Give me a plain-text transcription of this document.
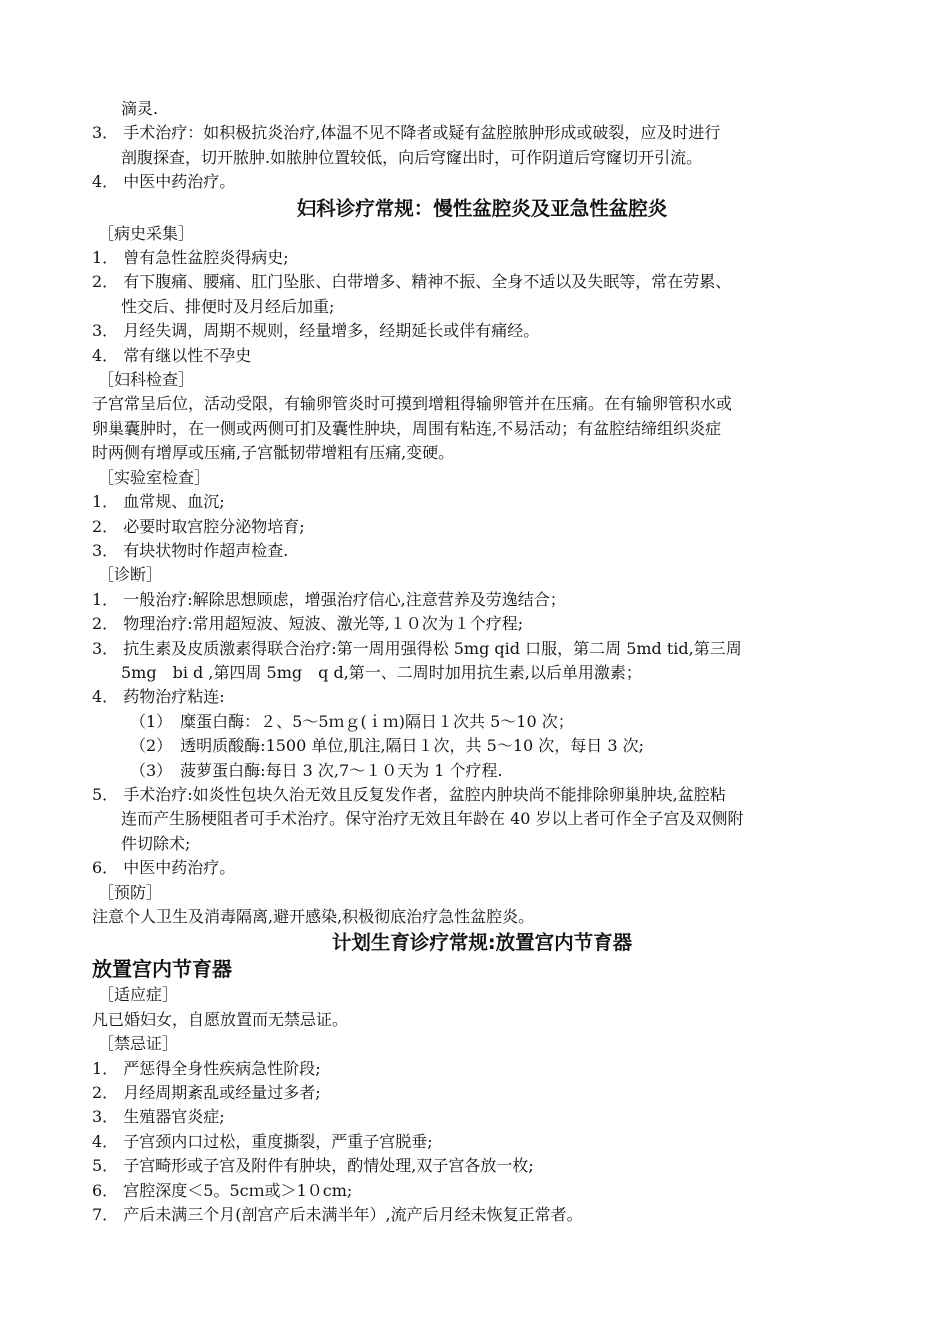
滴灵.
3． 手术治疗：如积极抗炎治疗,体温不见不降者或疑有盆腔脓肿形成或破裂，应及时进行
剖腹探查，切开脓肿.如脓肿位置较低，向后穹窿出时，可作阴道后穹窿切开引流。
4． 中医中药治疗。
妇科诊疗常规：慢性盆腔炎及亚急性盆腔炎
［病史采集］
1． 曾有急性盆腔炎得病史;
2． 有下腹痛、腰痛、肛门坠胀、白带增多、精神不振、全身不适以及失眠等，常在劳累、
性交后、排便时及月经后加重;
3． 月经失调，周期不规则，经量增多，经期延长或伴有痛经。
4． 常有继以性不孕史
［妇科检查］
子宫常呈后位，活动受限，有输卵管炎时可摸到增粗得输卵管并在压痛。在有输卵管积水或
卵巢囊肿时，在一侧或两侧可扪及囊性肿块，周围有粘连,不易活动；有盆腔结缔组织炎症
时两侧有增厚或压痛,子宫骶韧带增粗有压痛,变硬。
［实验室检查］
1． 血常规、血沉;
2． 必要时取宫腔分泌物培育;
3． 有块状物时作超声检查.
［诊断］
1． 一般治疗:解除思想顾虑，增强治疗信心,注意营养及劳逸结合；
2． 物理治疗:常用超短波、短波、激光等,１０次为１个疗程;
3． 抗生素及皮质激素得联合治疗:第一周用强得松 5mg qid 口服，第二周 5md tid,第三周
5mg　bi d ,第四周 5mg　q d,第一、二周时加用抗生素,以后单用激素；
4． 药物治疗粘连:
（1）　糜蛋白酶：２、5～5ｍｇ(ｉｍ)隔日１次共 5～10 次；
（2）　透明质酸酶:1500 单位,肌注,隔日１次，共 5～10 次，每日 3 次;
（3）　菠萝蛋白酶:每日 3 次,7～１０天为 1 个疗程.
5． 手术治疗:如炎性包块久治无效且反复发作者，盆腔内肿块尚不能排除卵巢肿块,盆腔粘
连而产生肠梗阻者可手术治疗。保守治疗无效且年龄在 40 岁以上者可作全子宫及双侧附
件切除术;
6． 中医中药治疗。
［预防］
注意个人卫生及消毒隔离,避开感染,积极彻底治疗急性盆腔炎。
计划生育诊疗常规:放置宫内节育器
放置宫内节育器
［适应症］
凡已婚妇女，自愿放置而无禁忌证。
［禁忌证］
1． 严惩得全身性疾病急性阶段;
2． 月经周期紊乱或经量过多者;
3． 生殖器官炎症;
4． 子宫颈内口过松，重度撕裂，严重子宫脱垂;
5． 子宫畸形或子宫及附件有肿块，酌情处理,双子宫各放一枚;
6． 宫腔深度＜5。5cｍ或＞1０cm;
7． 产后未满三个月(剖宫产后未满半年）,流产后月经未恢复正常者。
